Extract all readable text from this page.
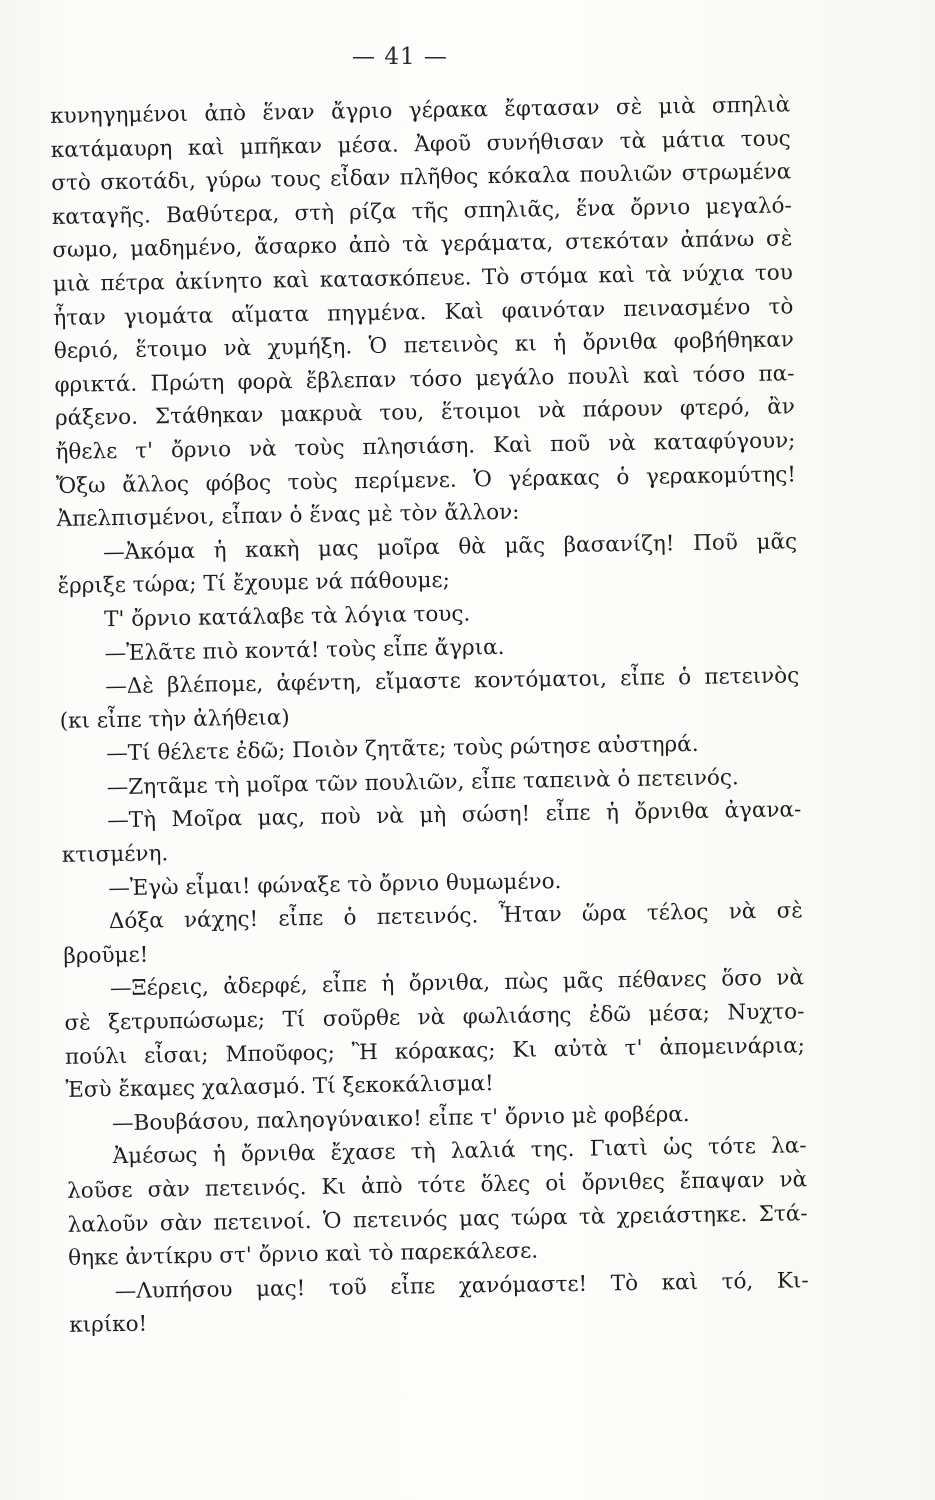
— 41 —
κυνηγημένοι ἀπὸ ἕναν ἄγριο γέρακα ἔφτασαν σὲ μιὰ σπηλιὰ
κατάμαυρη καὶ μπῆκαν μέσα. Ἀφοῦ συνήθισαν τὰ μάτια τους
στὸ σκοτάδι, γύρω τους εἶδαν πλῆθος κόκαλα πουλιῶν στρωμένα
καταγῆς. Βαθύτερα, στὴ ρίζα τῆς σπηλιᾶς, ἕνα ὄρνιο μεγαλό-
σωμο, μαδημένο, ἄσαρκο ἀπὸ τὰ γεράματα, στεκόταν ἀπάνω σὲ
μιὰ πέτρα ἀκίνητο καὶ κατασκόπευε. Τὸ στόμα καὶ τὰ νύχια του
ἦταν γιομάτα αἵματα πηγμένα. Καὶ φαινόταν πεινασμένο τὸ
θεριό, ἕτοιμο νὰ χυμήξη. Ὁ πετεινὸς κι ἡ ὄρνιθα φοβήθηκαν
φρικτά. Πρώτη φορὰ ἔβλεπαν τόσο μεγάλο πουλὶ καὶ τόσο πα-
ράξενο. Στάθηκαν μακρυὰ του, ἕτοιμοι νὰ πάρουν φτερό, ἂν
ἤθελε τ' ὄρνιο νὰ τοὺς πλησιάση. Καὶ ποῦ νὰ καταφύγουν;
Ὄξω ἄλλος φόβος τοὺς περίμενε. Ὁ γέρακας ὁ γερακομύτης!
Ἀπελπισμένοι, εἶπαν ὁ ἕνας μὲ τὸν ἄλλον:
—Ἀκόμα ἡ κακὴ μας μοῖρα θὰ μᾶς βασανίζη! Ποῦ μᾶς
ἔρριξε τώρα; Τί ἔχουμε νά πάθουμε;
Τ' ὄρνιο κατάλαβε τὰ λόγια τους.
—Ἐλᾶτε πιὸ κοντά! τοὺς εἶπε ἄγρια.
—Δὲ βλέπομε, ἀφέντη, εἴμαστε κοντόματοι, εἶπε ὁ πετεινὸς
(κι εἶπε τὴν ἀλήθεια)
—Τί θέλετε ἐδῶ; Ποιὸν ζητᾶτε; τοὺς ρώτησε αὐστηρά.
—Ζητᾶμε τὴ μοῖρα τῶν πουλιῶν, εἶπε ταπεινὰ ὁ πετεινός.
—Τὴ Μοῖρα μας, ποὺ νὰ μὴ σώση! εἶπε ἡ ὄρνιθα ἀγανα-
κτισμένη.
—Ἐγὼ εἶμαι! φώναξε τὸ ὄρνιο θυμωμένο.
Δόξα νάχης! εἶπε ὁ πετεινός. Ἦταν ὥρα τέλος νὰ σὲ
βροῦμε!
—Ξέρεις, ἀδερφέ, εἶπε ἡ ὄρνιθα, πὼς μᾶς πέθανες ὅσο νὰ
σὲ ξετρυπώσωμε; Τί σοῦρθε νὰ φωλιάσης ἐδῶ μέσα; Νυχτο-
πούλι εἶσαι; Μποῦφος; Ἢ κόρακας; Κι αὐτὰ τ' ἀπομεινάρια;
Ἐσὺ ἔκαμες χαλασμό. Τί ξεκοκάλισμα!
—Βουβάσου, παληογύναικο! εἶπε τ' ὄρνιο μὲ φοβέρα.
Ἀμέσως ἡ ὄρνιθα ἔχασε τὴ λαλιά της. Γιατὶ ὡς τότε λα-
λοῦσε σὰν πετεινός. Κι ἀπὸ τότε ὅλες οἱ ὄρνιθες ἔπαψαν νὰ
λαλοῦν σὰν πετεινοί. Ὁ πετεινός μας τώρα τὰ χρειάστηκε. Στά-
θηκε ἀντίκρυ στ' ὄρνιο καὶ τὸ παρεκάλεσε.
—Λυπήσου μας! τοῦ εἶπε χανόμαστε! Τὸ καὶ τό, Κι-
κιρίκο!
